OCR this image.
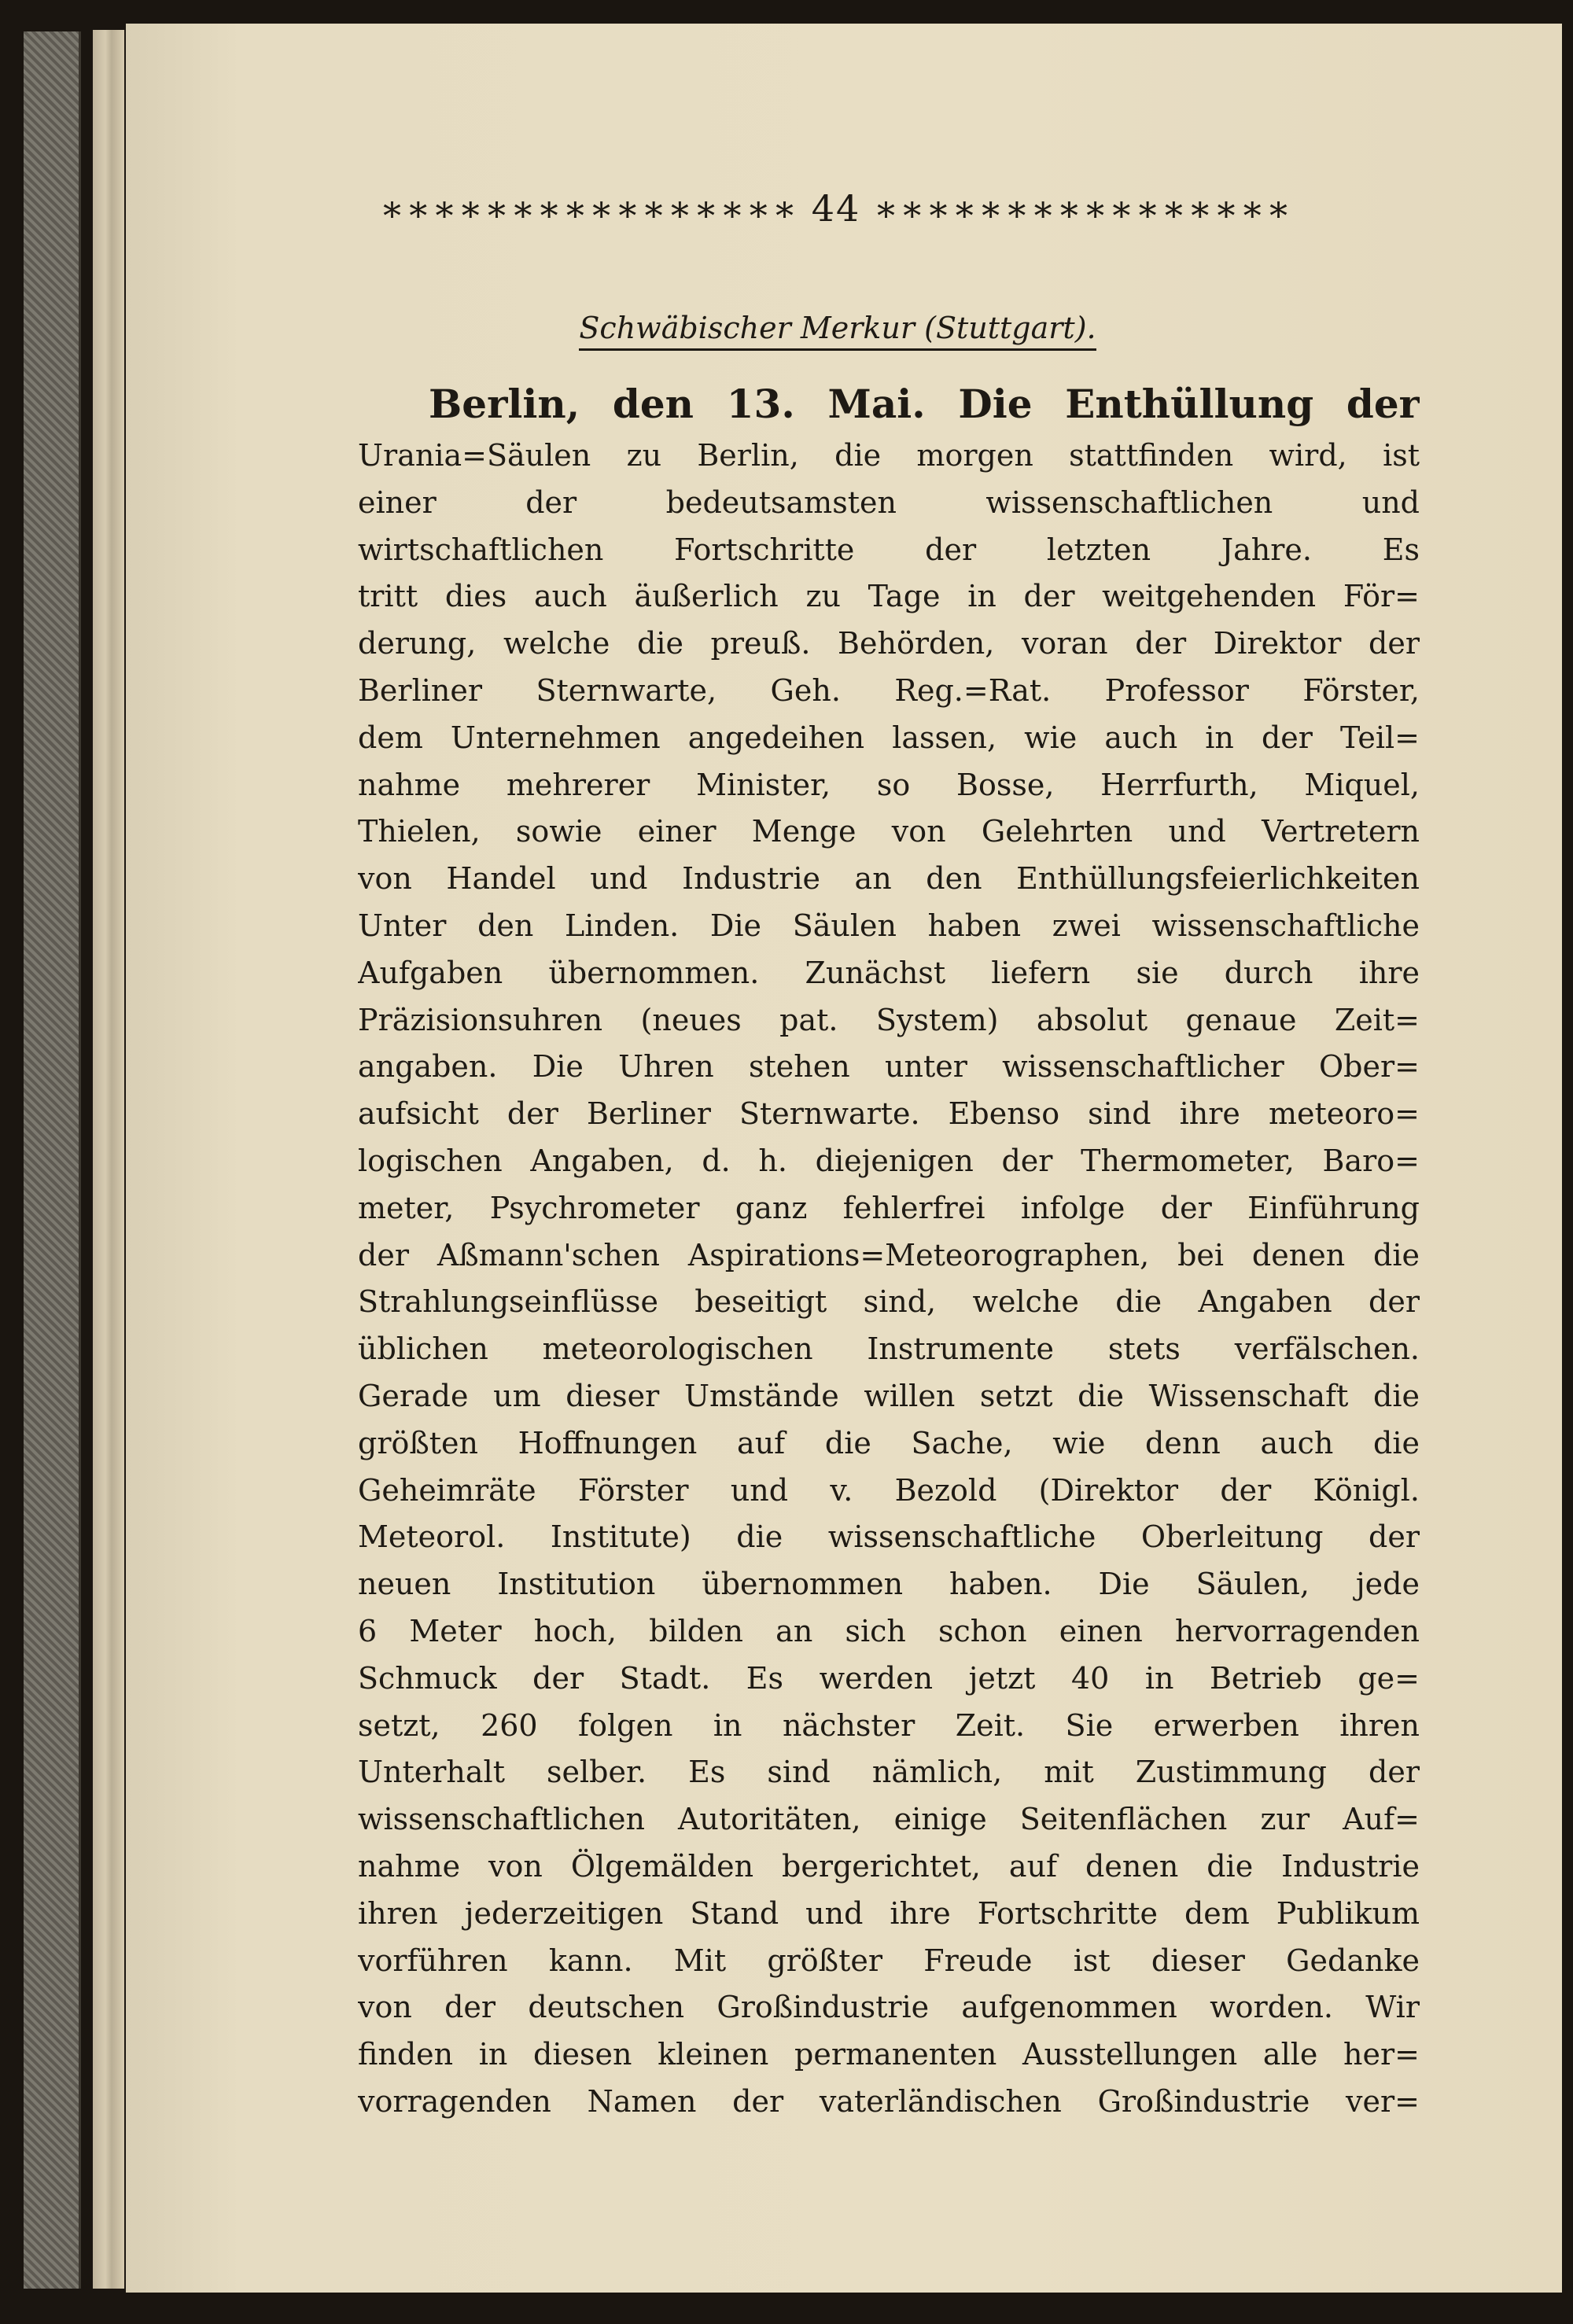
∗∗∗∗∗∗∗∗∗∗∗∗∗∗∗∗ 44 ∗∗∗∗∗∗∗∗∗∗∗∗∗∗∗∗
Schwäbischer Merkur (Stuttgart).
Berlin, den 13. Mai. Die Enthüllung der
Urania=Säulen zu Berlin, die morgen stattfinden wird, ist
einer der bedeutsamsten wissenschaftlichen und
wirtschaftlichen Fortschritte der letzten Jahre. Es
tritt dies auch äußerlich zu Tage in der weitgehenden För=
derung, welche die preuß. Behörden, voran der Direktor der
Berliner Sternwarte, Geh. Reg.=Rat. Professor Förster,
dem Unternehmen angedeihen lassen, wie auch in der Teil=
nahme mehrerer Minister, so Bosse, Herrfurth, Miquel,
Thielen, sowie einer Menge von Gelehrten und Vertretern
von Handel und Industrie an den Enthüllungsfeierlichkeiten
Unter den Linden. Die Säulen haben zwei wissenschaftliche
Aufgaben übernommen. Zunächst liefern sie durch ihre
Präzisionsuhren (neues pat. System) absolut genaue Zeit=
angaben. Die Uhren stehen unter wissenschaftlicher Ober=
aufsicht der Berliner Sternwarte. Ebenso sind ihre meteoro=
logischen Angaben, d. h. diejenigen der Thermometer, Baro=
meter, Psychrometer ganz fehlerfrei infolge der Einführung
der Aßmann'schen Aspirations=Meteorographen, bei denen die
Strahlungseinflüsse beseitigt sind, welche die Angaben der
üblichen meteorologischen Instrumente stets verfälschen.
Gerade um dieser Umstände willen setzt die Wissenschaft die
größten Hoffnungen auf die Sache, wie denn auch die
Geheimräte Förster und v. Bezold (Direktor der Königl.
Meteorol. Institute) die wissenschaftliche Oberleitung der
neuen Institution übernommen haben. Die Säulen, jede
6 Meter hoch, bilden an sich schon einen hervorragenden
Schmuck der Stadt. Es werden jetzt 40 in Betrieb ge=
setzt, 260 folgen in nächster Zeit. Sie erwerben ihren
Unterhalt selber. Es sind nämlich, mit Zustimmung der
wissenschaftlichen Autoritäten, einige Seitenflächen zur Auf=
nahme von Ölgemälden bergerichtet, auf denen die Industrie
ihren jederzeitigen Stand und ihre Fortschritte dem Publikum
vorführen kann. Mit größter Freude ist dieser Gedanke
von der deutschen Großindustrie aufgenommen worden. Wir
finden in diesen kleinen permanenten Ausstellungen alle her=
vorragenden Namen der vaterländischen Großindustrie ver=
